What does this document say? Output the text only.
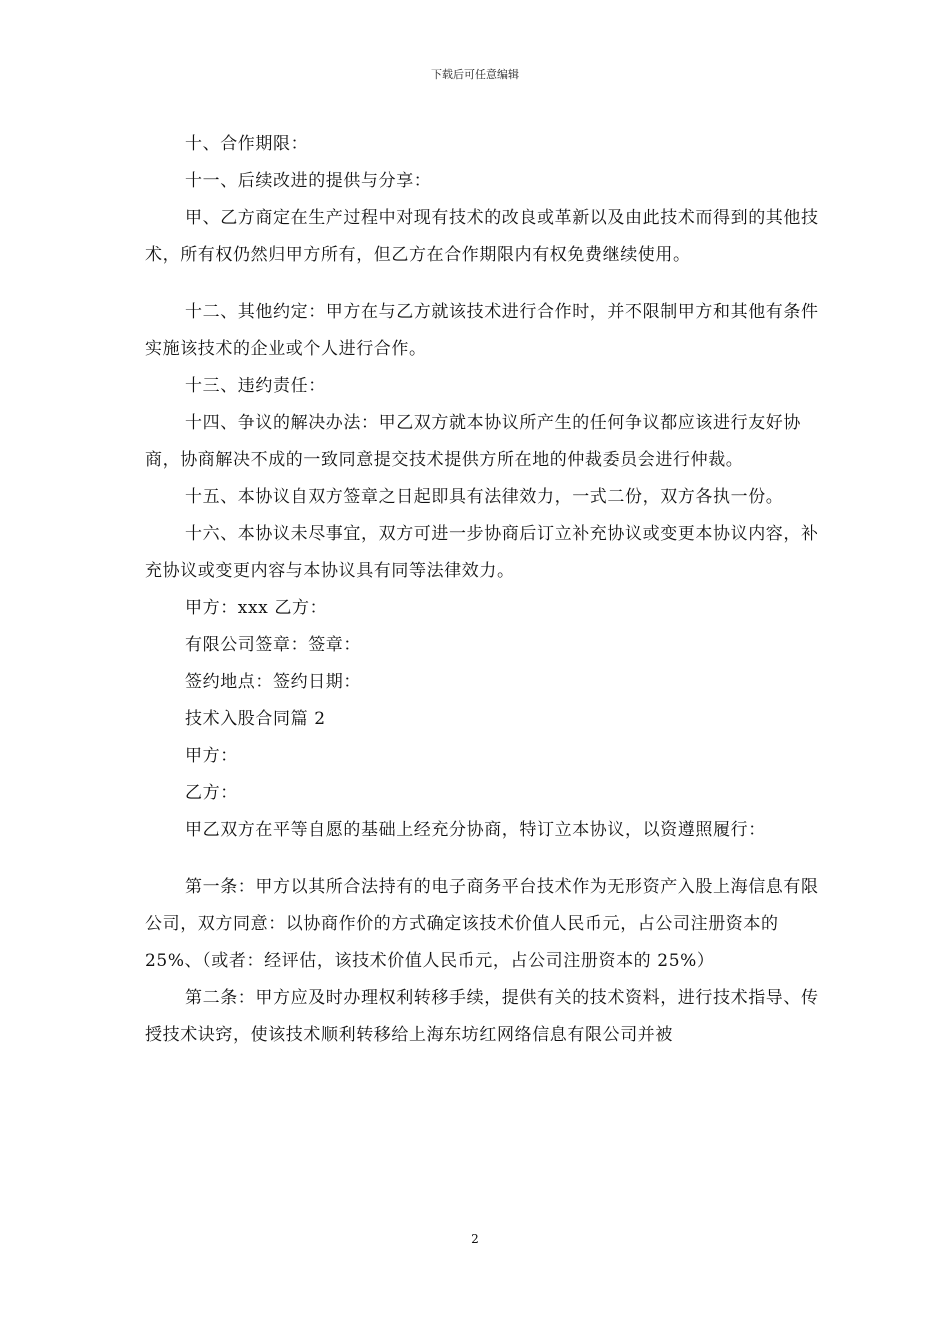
下载后可任意编辑

十、合作期限：

十一、后续改进的提供与分享：

甲、乙方商定在生产过程中对现有技术的改良或革新以及由此技术而得到的其他技术，所有权仍然归甲方所有，但乙方在合作期限内有权免费继续使用。

十二、其他约定：甲方在与乙方就该技术进行合作时，并不限制甲方和其他有条件实施该技术的企业或个人进行合作。

十三、违约责任：

十四、争议的解决办法：甲乙双方就本协议所产生的任何争议都应该进行友好协商，协商解决不成的一致同意提交技术提供方所在地的仲裁委员会进行仲裁。

十五、本协议自双方签章之日起即具有法律效力，一式二份，双方各执一份。

十六、本协议未尽事宜，双方可进一步协商后订立补充协议或变更本协议内容，补充协议或变更内容与本协议具有同等法律效力。

甲方：xxx 乙方：

有限公司签章：签章：

签约地点：签约日期：

技术入股合同篇 2

甲方：

乙方：

甲乙双方在平等自愿的基础上经充分协商，特订立本协议，以资遵照履行：

第一条：甲方以其所合法持有的电子商务平台技术作为无形资产入股上海信息有限公司，双方同意：以协商作价的方式确定该技术价值人民币元，占公司注册资本的 25%、（或者：经评估，该技术价值人民币元，占公司注册资本的 25%）

第二条：甲方应及时办理权利转移手续，提供有关的技术资料，进行技术指导、传授技术诀窍，使该技术顺利转移给上海东坊红网络信息有限公司并被

2
